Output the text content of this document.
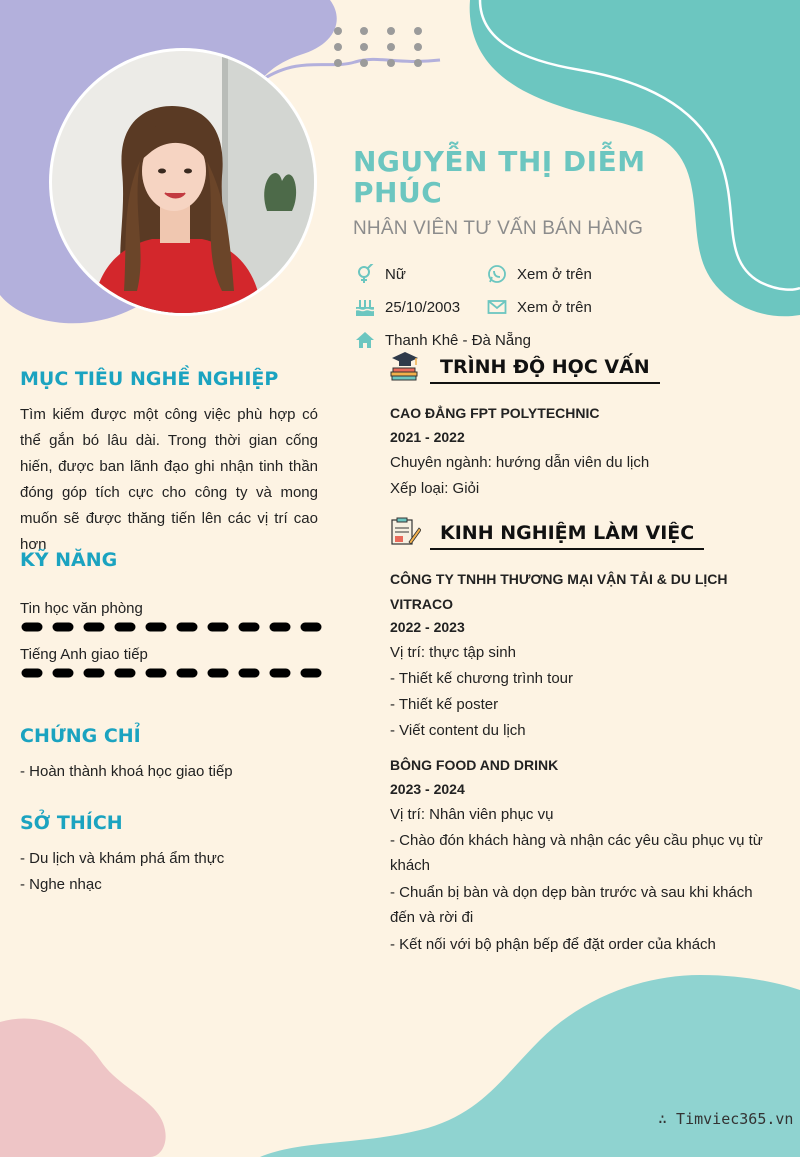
NGUYỄN THỊ DIỄM PHÚC
NHÂN VIÊN TƯ VẤN BÁN HÀNG
Nữ	Xem ở trên
25/10/2003	Xem ở trên
Thanh Khê - Đà Nẵng
MỤC TIÊU NGHỀ NGHIỆP
Tìm kiếm được một công việc phù hợp có thể gắn bó lâu dài. Trong thời gian cống hiến, được ban lãnh đạo ghi nhận tinh thần đóng góp tích cực cho công ty và mong muốn sẽ được thăng tiến lên các vị trí cao hơn
KỸ NĂNG
Tin học văn phòng
Tiếng Anh giao tiếp
CHỨNG CHỈ
- Hoàn thành khoá học giao tiếp
SỞ THÍCH
- Du lịch và khám phá ẩm thực
- Nghe nhạc
TRÌNH ĐỘ HỌC VẤN
CAO ĐẲNG FPT POLYTECHNIC
2021 - 2022
Chuyên ngành: hướng dẫn viên du lịch
Xếp loại: Giỏi
KINH NGHIỆM LÀM VIỆC
CÔNG TY TNHH THƯƠNG MẠI VẬN TẢI & DU LỊCH VITRACO
2022 - 2023
Vị trí: thực tập sinh
- Thiết kế chương trình tour
- Thiết kế poster
- Viết content du lịch
BÔNG FOOD AND DRINK
2023 - 2024
Vị trí: Nhân viên phục vụ
- Chào đón khách hàng và nhận các yêu cầu phục vụ từ khách
- Chuẩn bị bàn và dọn dẹp bàn trước và sau khi khách đến và rời đi
- Kết nối với bộ phận bếp để đặt order của khách
∴ Timviec365.vn
